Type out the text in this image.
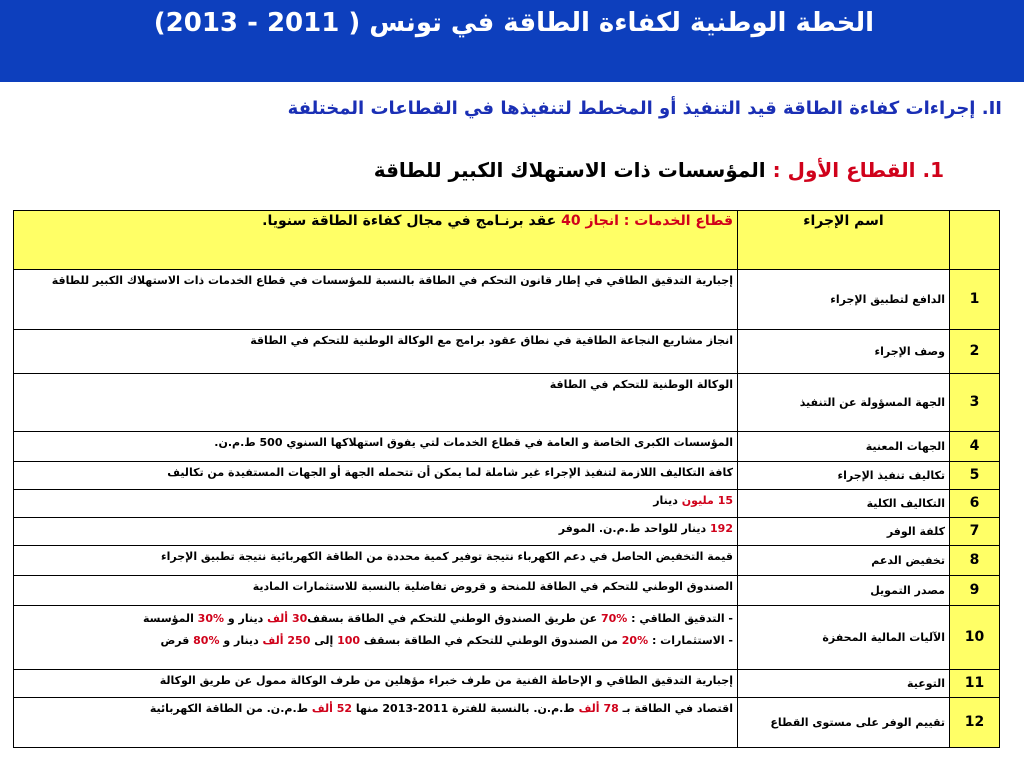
الخطة الوطنية لكفاءة الطاقة في تونس ( 2011 - 2013)
II. إجراءات كفاءة الطاقة قيد التنفيذ أو المخطط لتنفيذها في القطاعات المختلفة
1. القطاع الأول : المؤسسات ذات الاستهلاك الكبير للطاقة
	اسم الإجراء	قطاع الخدمات : انجاز 40 عقد برنـامج في مجال كفاءة الطاقة سنويا.
1	الدافع لتطبيق الإجراء	إجبارية التدقيق الطاقي في إطار قانون التحكم في الطاقة بالنسبة للمؤسسات في قطاع الخدمات ذات الاستهلاك الكبير للطاقة
2	وصف الإجراء	انجاز مشاريع النجاعة الطاقية في نطاق عقود برامج مع الوكالة الوطنية للتحكم في الطاقة
3	الجهة المسؤولة عن التنفيذ	الوكالة الوطنية للتحكم في الطاقة
4	الجهات المعنية	المؤسسات الكبرى الخاصة و العامة في قطاع الخدمات لتي يفوق استهلاكها السنوي 500 ط.م.ن.
5	تكاليف تنفيذ الإجراء	كافة التكاليف اللازمة لتنفيذ الإجراء غير شاملة لما يمكن أن تتحمله الجهة أو الجهات المستفيدة من تكاليف
6	التكاليف الكلية	15 مليون دينار
7	كلفة الوفر	192 دينار للواحد ط.م.ن. الموفر
8	تخفيض الدعم	قيمة التخفيض الحاصل في دعم الكهرباء نتيجة توفير كمية محددة من الطاقة الكهربائية نتيجة تطبيق الإجراء
9	مصدر التمويل	الصندوق الوطني للتحكم في الطاقة للمنحة و قروض تفاضلية بالنسبة للاستثمارات المادية
10	الآليات المالية المحفزة	- التدقيق الطاقي : %70 عن طريق الصندوق الوطني للتحكم في الطاقة بسقف30 ألف دينار و %30 المؤسسة
- الاستثمارات : %20 من الصندوق الوطني للتحكم في الطاقة بسقف 100 إلى 250 ألف دينار و %80 قرض

11	التوعية	إجبارية التدقيق الطاقي و الإحاطة الفنية من طرف خبراء مؤهلين من طرف الوكالة ممول عن طريق الوكالة
12	تقييم الوفر على مستوى القطاع	اقتصاد في الطاقة بـ 78 ألف ط.م.ن. بالنسبة للفترة 2011-2013 منها 52 ألف ط.م.ن. من الطاقة الكهربائية
